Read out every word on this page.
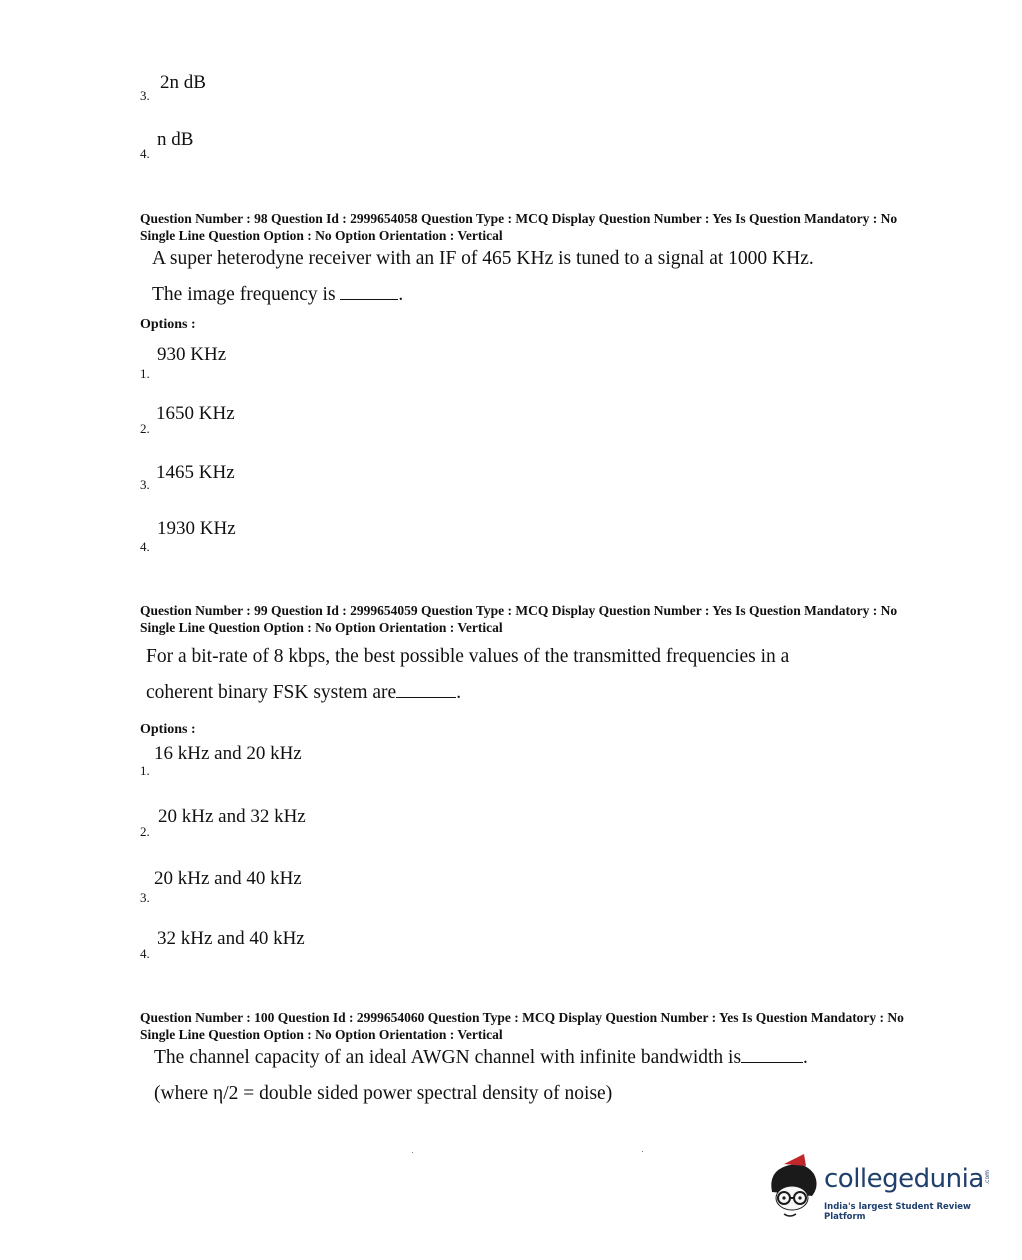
2n dB
3.
n dB
4.
Question Number : 98 Question Id : 2999654058 Question Type : MCQ Display Question Number : Yes Is Question Mandatory : No Single Line Question Option : No Option Orientation : Vertical
A super heterodyne receiver with an IF of 465 KHz is tuned to a signal at 1000 KHz.
The image frequency is	.
Options :
930 KHz
1.
1650 KHz
2.
1465 KHz
3.
1930 KHz
4.
Question Number : 99 Question Id : 2999654059 Question Type : MCQ Display Question Number : Yes Is Question Mandatory : No Single Line Question Option : No Option Orientation : Vertical
For a bit-rate of 8 kbps, the best possible values of the transmitted frequencies in a
coherent binary FSK system are	.
Options :
16 kHz and 20 kHz
1.
20 kHz and 32 kHz
2.
20 kHz and 40 kHz
3.
32 kHz and 40 kHz
4.
Question Number : 100 Question Id : 2999654060 Question Type : MCQ Display Question Number : Yes Is Question Mandatory : No Single Line Question Option : No Option Orientation : Vertical
The channel capacity of an ideal AWGN channel with infinite bandwidth is	.
(where η/2 = double sided power spectral density of noise)
collegedunia .com
India's largest Student Review Platform
